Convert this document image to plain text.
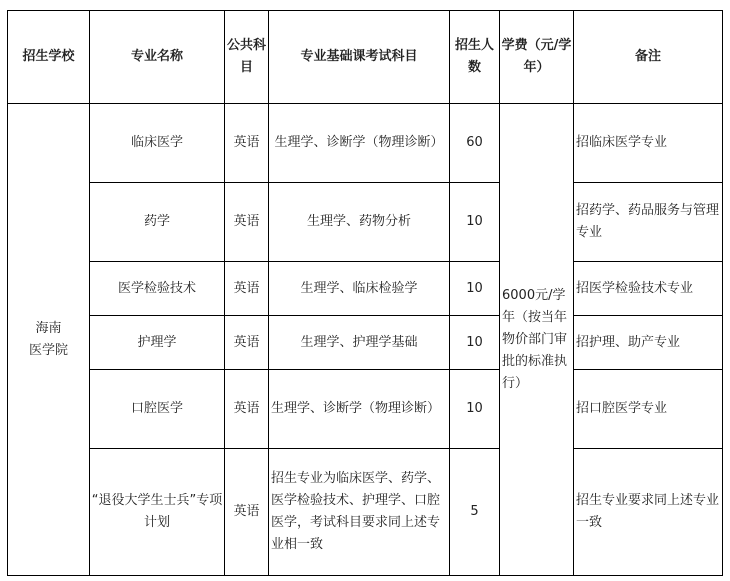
招生学校	专业名称	公共科目	专业基础课考试科目	招生人数	学费（元/学年）	备注

海南
医学院	临床医学	英语	生理学、诊断学（物理诊断）	60	6000元/学年（按当年物价部门审批的标准执行）	招临床医学专业
	药学	英语	生理学、药物分析	10		招药学、药品服务与管理专业
	医学检验技术	英语	生理学、临床检验学	10		招医学检验技术专业
	护理学	英语	生理学、护理学基础	10		招护理、助产专业
	口腔医学	英语	生理学、诊断学（物理诊断）	10		招口腔医学专业
	“退役大学生士兵”专项计划	英语	招生专业为临床医学、药学、医学检验技术、护理学、口腔医学，考试科目要求同上述专业相一致	5		招生专业要求同上述专业一致
